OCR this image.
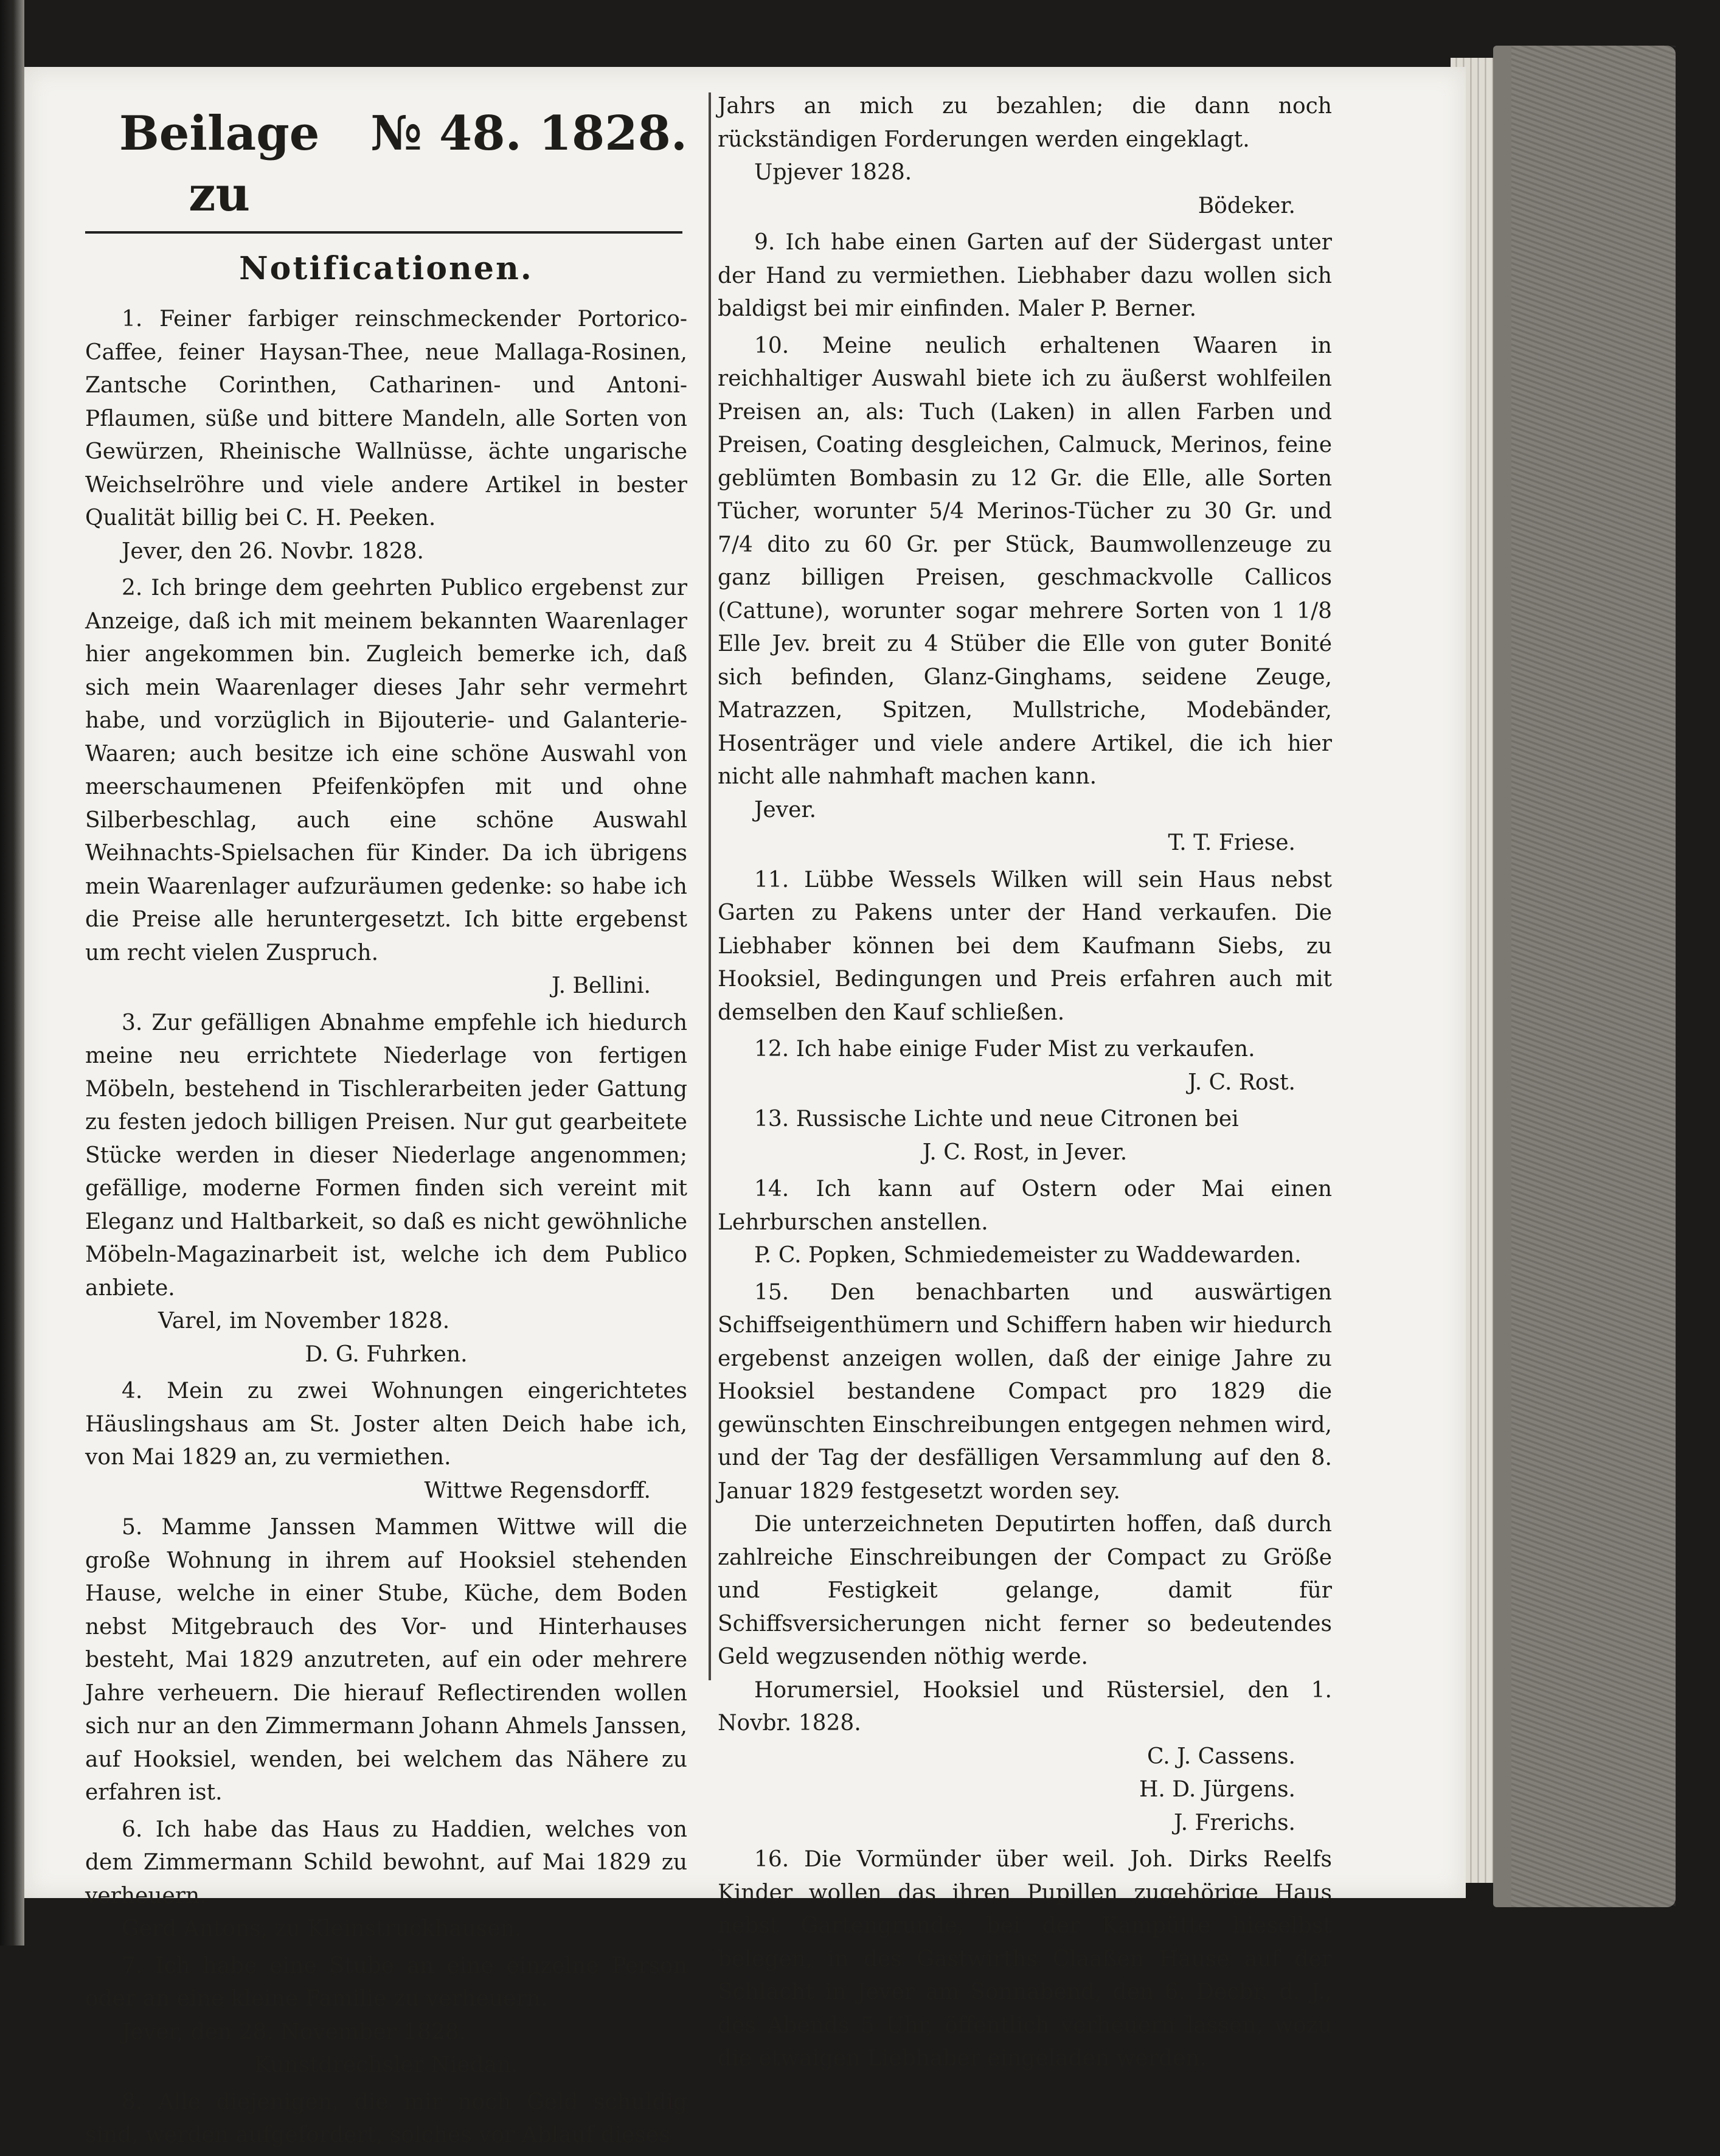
Beilage zu
№ 48. 1828.
Notificationen.

1. Feiner farbiger reinschmeckender Portorico-Caffee, feiner Haysan-Thee, neue Mallaga-Rosinen, Zantsche Corinthen, Catharinen- und Antoni-Pflaumen, süße und bittere Mandeln, alle Sorten von Gewürzen, Rheinische Wallnüsse, ächte ungarische Weichselröhre und viele andere Artikel in bester Qualität billig bei C. H. Peeken.

Jever, den 26. Novbr. 1828.

2. Ich bringe dem geehrten Publico ergebenst zur Anzeige, daß ich mit meinem bekannten Waarenlager hier angekommen bin. Zugleich bemerke ich, daß sich mein Waarenlager dieses Jahr sehr vermehrt habe, und vorzüglich in Bijouterie- und Galanterie-Waaren; auch besitze ich eine schöne Auswahl von meerschaumenen Pfeifenköpfen mit und ohne Silberbeschlag, auch eine schöne Auswahl Weihnachts-Spielsachen für Kinder. Da ich übrigens mein Waarenlager aufzuräumen gedenke: so habe ich die Preise alle heruntergesetzt. Ich bitte ergebenst um recht vielen Zuspruch.

J. Bellini.

3. Zur gefälligen Abnahme empfehle ich hiedurch meine neu errichtete Niederlage von fertigen Möbeln, bestehend in Tischlerarbeiten jeder Gattung zu festen jedoch billigen Preisen. Nur gut gearbeitete Stücke werden in dieser Niederlage angenommen; gefällige, moderne Formen finden sich vereint mit Eleganz und Haltbarkeit, so daß es nicht gewöhnliche Möbeln-Magazinarbeit ist, welche ich dem Publico anbiete.

Varel, im November 1828.

D. G. Fuhrken.

4. Mein zu zwei Wohnungen eingerichtetes Häuslingshaus am St. Joster alten Deich habe ich, von Mai 1829 an, zu vermiethen.

Wittwe Regensdorff.

5. Mamme Janssen Mammen Wittwe will die große Wohnung in ihrem auf Hooksiel stehenden Hause, welche in einer Stube, Küche, dem Boden nebst Mitgebrauch des Vor- und Hinterhauses besteht, Mai 1829 anzutreten, auf ein oder mehrere Jahre verheuern. Die hierauf Reflectirenden wollen sich nur an den Zimmermann Johann Ahmels Janssen, auf Hooksiel, wenden, bei welchem das Nähere zu erfahren ist.

6. Ich habe das Haus zu Haddien, welches von dem Zimmermann Schild bewohnt, auf Mai 1829 zu verheuern.

Gerd Antons, zu Kleinstruckhausen.

7. Ich habe eine Stube an eine einzelne Person oder an eine kleine Familie zu verheuern.

Jever, den 28. November 1828.

Kunstdrechsler Niedan.

8. Alle diejenigen, die mir noch Geld schuldig sind, werden aufgefordert, solches vor Ablauf dieses

Jahrs an mich zu bezahlen; die dann noch rückständigen Forderungen werden eingeklagt.

Upjever 1828.

Bödeker.

9. Ich habe einen Garten auf der Südergast unter der Hand zu vermiethen. Liebhaber dazu wollen sich baldigst bei mir einfinden. Maler P. Berner.

10. Meine neulich erhaltenen Waaren in reichhaltiger Auswahl biete ich zu äußerst wohlfeilen Preisen an, als: Tuch (Laken) in allen Farben und Preisen, Coating desgleichen, Calmuck, Merinos, feine geblümten Bombasin zu 12 Gr. die Elle, alle Sorten Tücher, worunter 5/4 Merinos-Tücher zu 30 Gr. und 7/4 dito zu 60 Gr. per Stück, Baumwollenzeuge zu ganz billigen Preisen, geschmackvolle Callicos (Cattune), worunter sogar mehrere Sorten von 1 1/8 Elle Jev. breit zu 4 Stüber die Elle von guter Bonité sich befinden, Glanz-Ginghams, seidene Zeuge, Matrazzen, Spitzen, Mullstriche, Modebänder, Hosenträger und viele andere Artikel, die ich hier nicht alle nahmhaft machen kann.

Jever.

T. T. Friese.

11. Lübbe Wessels Wilken will sein Haus nebst Garten zu Pakens unter der Hand verkaufen. Die Liebhaber können bei dem Kaufmann Siebs, zu Hooksiel, Bedingungen und Preis erfahren auch mit demselben den Kauf schließen.

12. Ich habe einige Fuder Mist zu verkaufen.

J. C. Rost.

13. Russische Lichte und neue Citronen bei

J. C. Rost, in Jever.

14. Ich kann auf Ostern oder Mai einen Lehrburschen anstellen.

P. C. Popken, Schmiedemeister zu Waddewarden.

15. Den benachbarten und auswärtigen Schiffseigenthümern und Schiffern haben wir hiedurch ergebenst anzeigen wollen, daß der einige Jahre zu Hooksiel bestandene Compact pro 1829 die gewünschten Einschreibungen entgegen nehmen wird, und der Tag der desfälligen Versammlung auf den 8. Januar 1829 festgesetzt worden sey.

Die unterzeichneten Deputirten hoffen, daß durch zahlreiche Einschreibungen der Compact zu Größe und Festigkeit gelange, damit für Schiffsversicherungen nicht ferner so bedeutendes Geld wegzusenden nöthig werde.

Horumersiel, Hooksiel und Rüstersiel, den 1. Novbr. 1828.

C. J. Cassens.

H. D. Jürgens.

J. Frerichs.

16. Die Vormünder über weil. Joh. Dirks Reelfs Kinder wollen das ihren Pupillen zugehörige Haus nebst Gartengrunde, bei der Kampütte hieselbst belegen, in des Gastwirths Claaßen Hause auf der Schlacht in Jever am Sonnabend, den 6. Decbr. d. J., des Abends 5 Uhr, öffentlich verheuern lassen, wozu die etwaigen Liebhaber eingeladen werden.
